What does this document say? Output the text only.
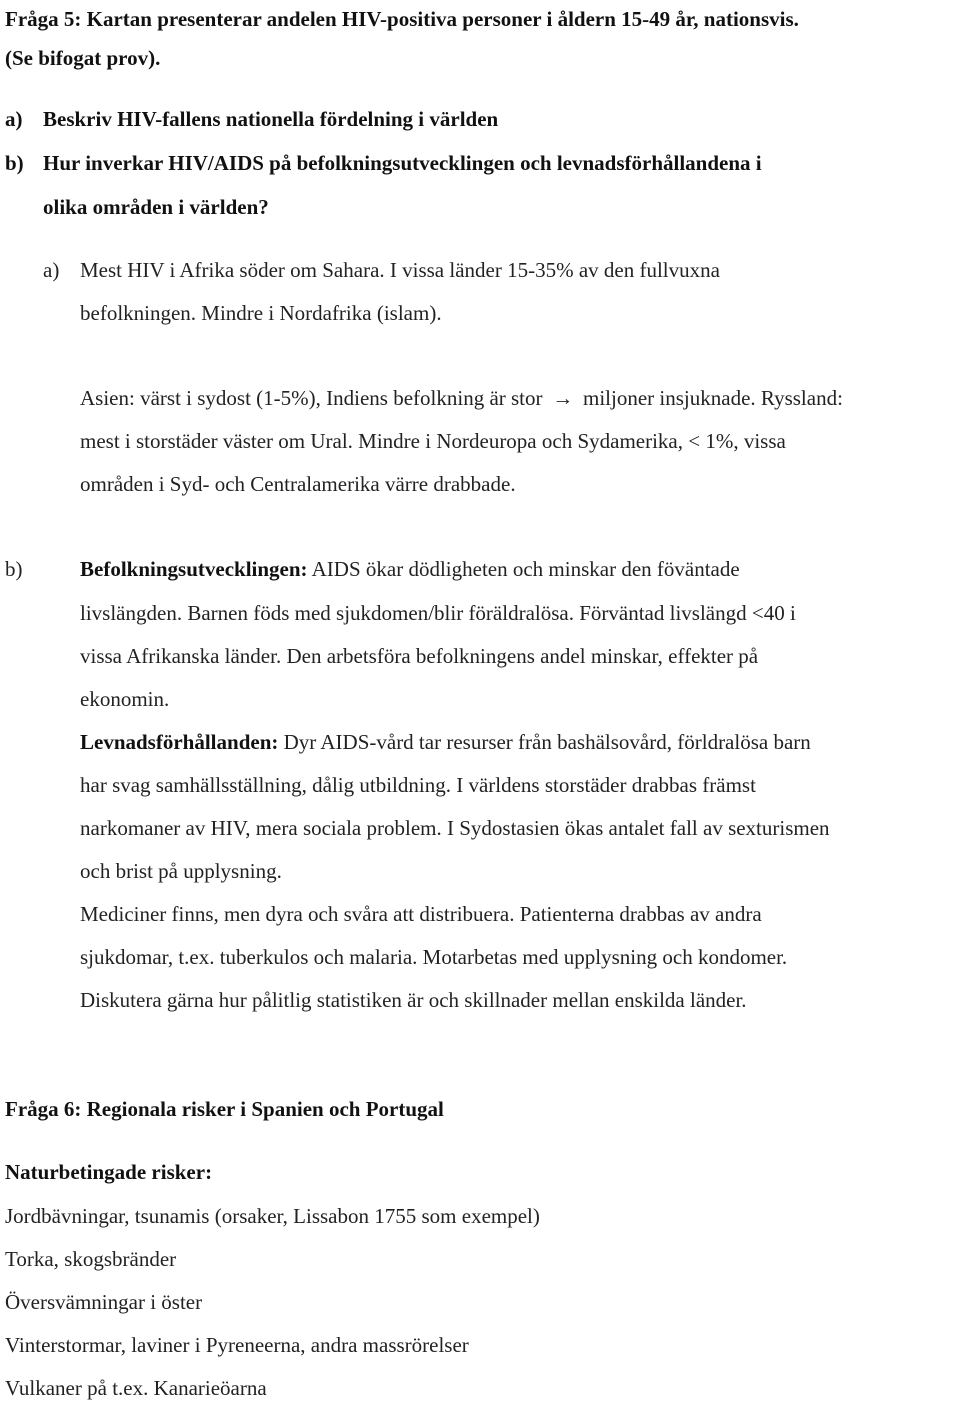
Fråga 5: Kartan presenterar andelen HIV-positiva personer i åldern 15-49 år, nationsvis.
(Se bifogat prov).
a) Beskriv HIV-fallens nationella fördelning i världen
b) Hur inverkar HIV/AIDS på befolkningsutvecklingen och levnadsförhållandena i
olika områden i världen?
a) Mest HIV i Afrika söder om Sahara. I vissa länder 15-35% av den fullvuxna
befolkningen. Mindre i Nordafrika (islam).
Asien: värst i sydost (1-5%), Indiens befolkning är stor → miljoner insjuknade. Ryssland:
mest i storstäder väster om Ural. Mindre i Nordeuropa och Sydamerika, < 1%, vissa
områden i Syd- och Centralamerika värre drabbade.
b)	Befolkningsutvecklingen: AIDS ökar dödligheten och minskar den föväntade
livslängden. Barnen föds med sjukdomen/blir föräldralösa. Förväntad livslängd <40 i
vissa Afrikanska länder. Den arbetsföra befolkningens andel minskar, effekter på
ekonomin.
Levnadsförhållanden: Dyr AIDS-vård tar resurser från bashälsovård, förldralösa barn
har svag samhällsställning, dålig utbildning. I världens storstäder drabbas främst
narkomaner av HIV, mera sociala problem. I Sydostasien ökas antalet fall av sexturismen
och brist på upplysning.
Mediciner finns, men dyra och svåra att distribuera. Patienterna drabbas av andra
sjukdomar, t.ex. tuberkulos och malaria. Motarbetas med upplysning och kondomer.
Diskutera gärna hur pålitlig statistiken är och skillnader mellan enskilda länder.
Fråga 6: Regionala risker i Spanien och Portugal
Naturbetingade risker:
Jordbävningar, tsunamis (orsaker, Lissabon 1755 som exempel)
Torka, skogsbränder
Översvämningar i öster
Vinterstormar, laviner i Pyreneerna, andra massrörelser
Vulkaner på t.ex. Kanarieöarna
